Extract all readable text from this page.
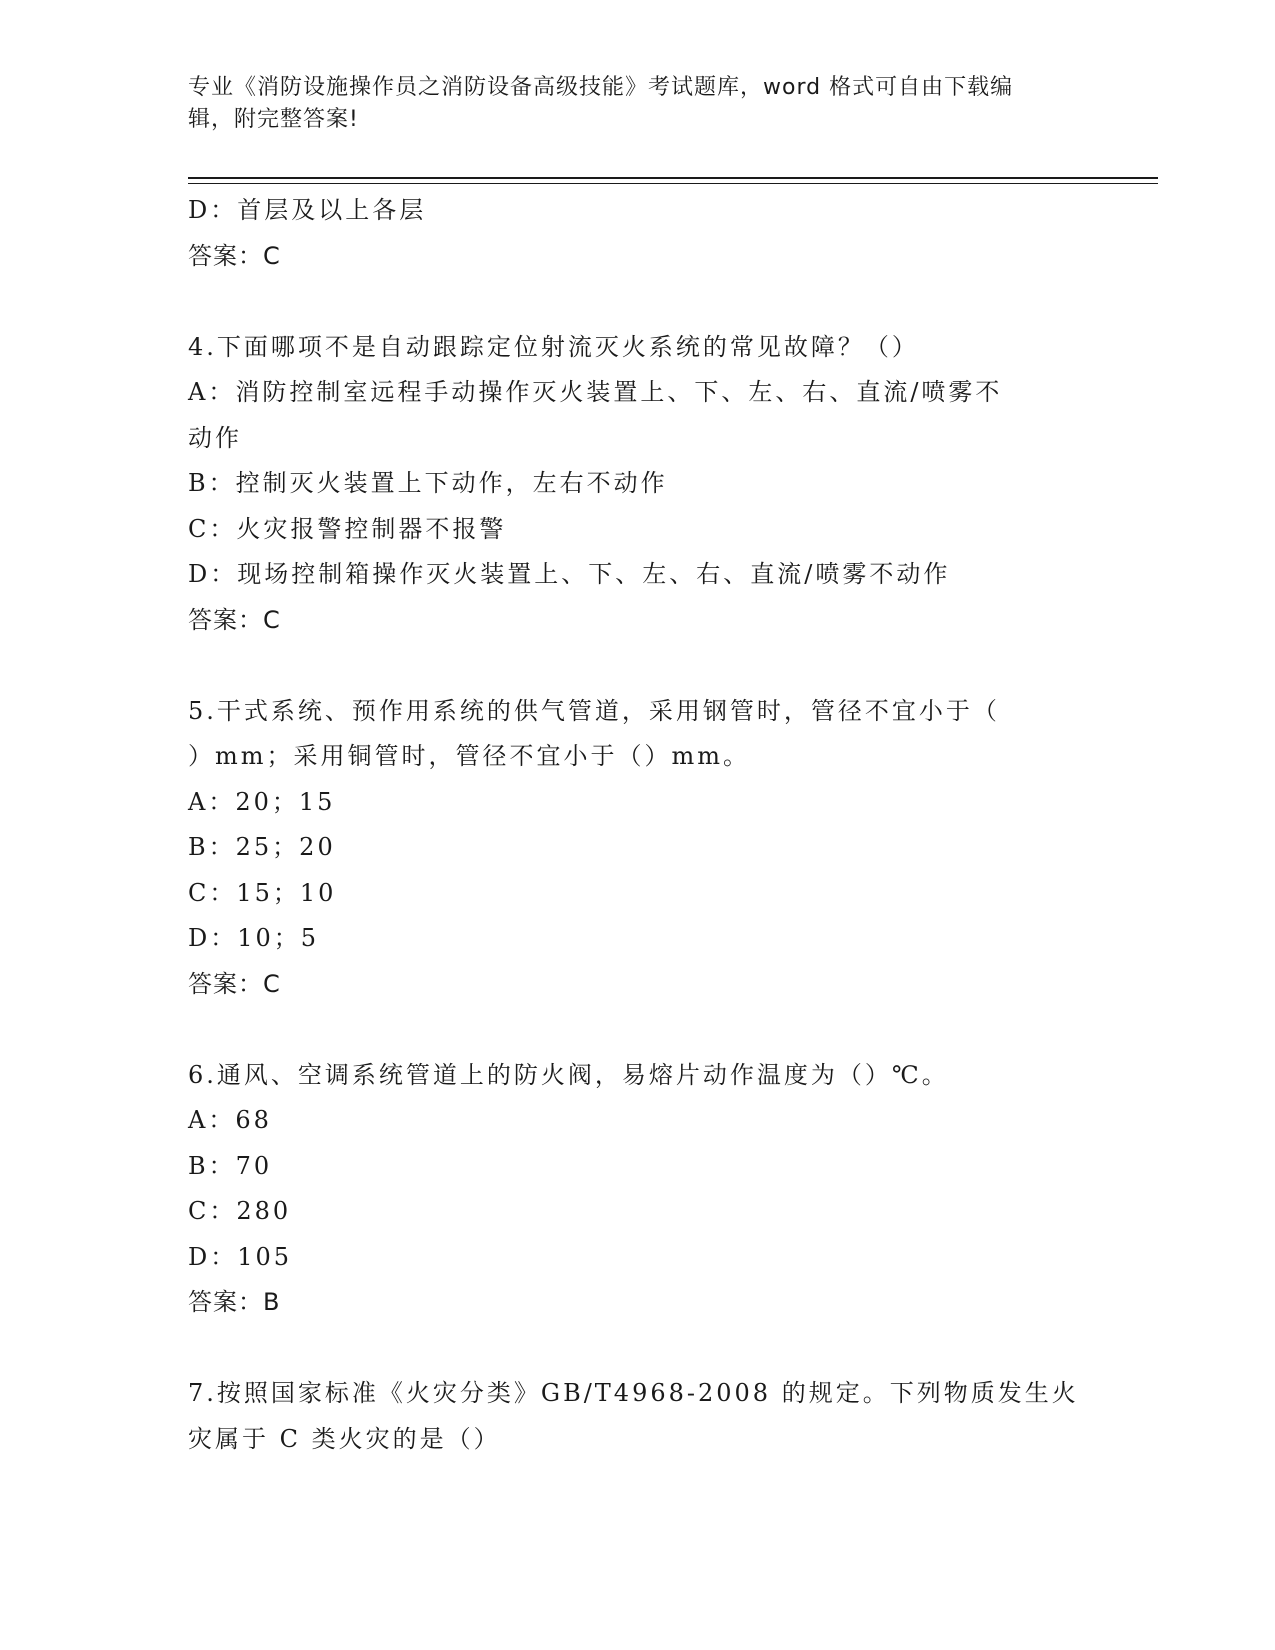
专业《消防设施操作员之消防设备高级技能》考试题库，word 格式可自由下载编
辑，附完整答案!
D：首层及以上各层
答案：C
4.下面哪项不是自动跟踪定位射流灭火系统的常见故障？（）
A：消防控制室远程手动操作灭火装置上、下、左、右、直流/喷雾不
动作
B：控制灭火装置上下动作，左右不动作
C：火灾报警控制器不报警
D：现场控制箱操作灭火装置上、下、左、右、直流/喷雾不动作
答案：C
5.干式系统、预作用系统的供气管道，采用钢管时，管径不宜小于（
）mm；采用铜管时，管径不宜小于（）mm。
A：20；15
B：25；20
C：15；10
D：10；5
答案：C
6.通风、空调系统管道上的防火阀，易熔片动作温度为（）℃。
A：68
B：70
C：280
D：105
答案：B
7.按照国家标准《火灾分类》GB/T4968-2008 的规定。下列物质发生火
灾属于 C 类火灾的是（）
